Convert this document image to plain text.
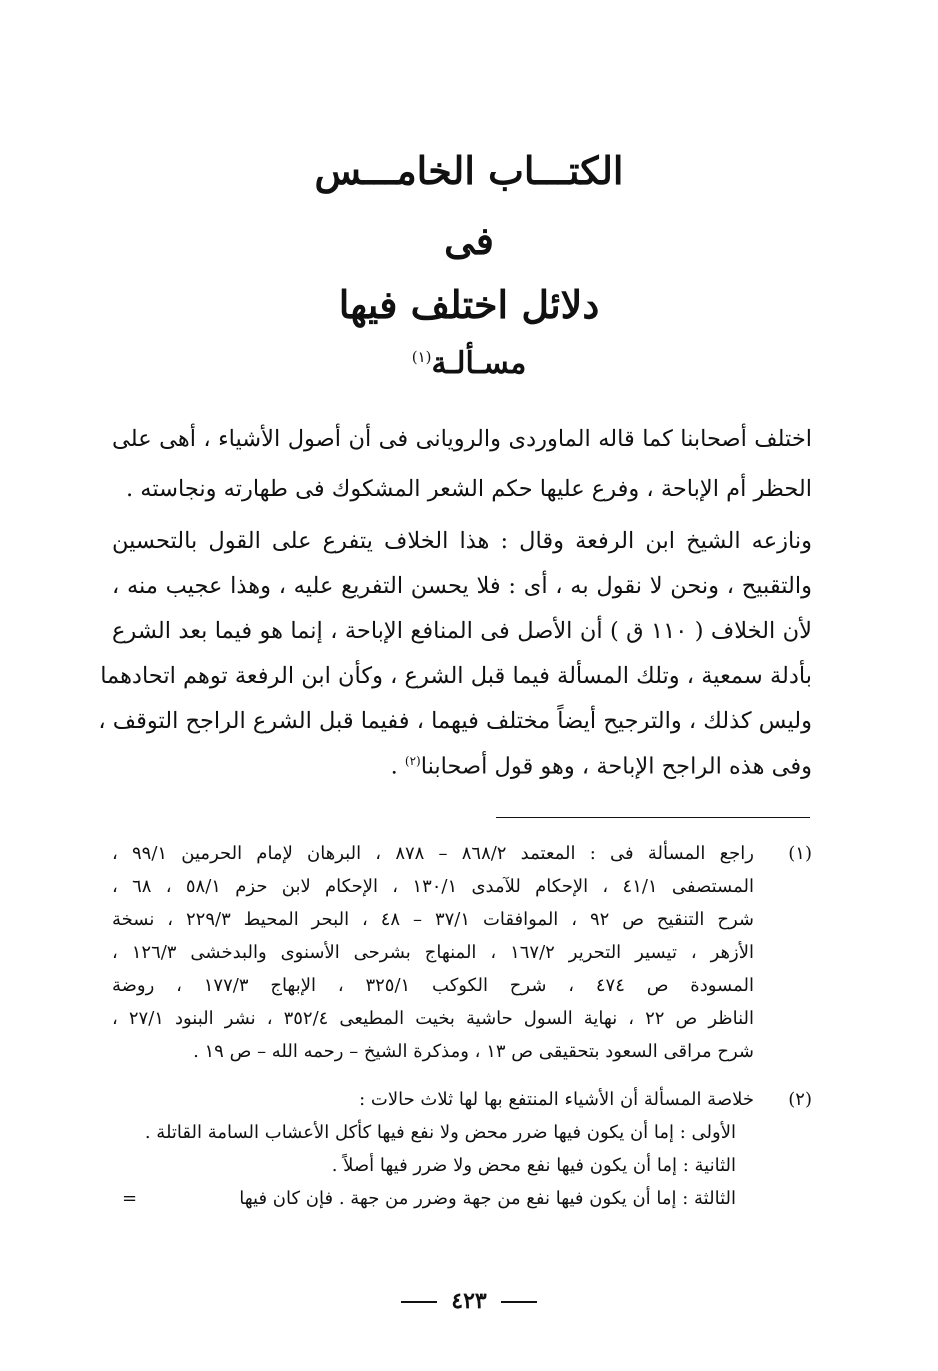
الكتـــاب الخامـــس
فى
دلائل اختلف فيها
مسـألـة$^{(١)}$
اختلف أصحابنا كما قاله الماوردى والرويانى فى أن أصول الأشياء ، أهى على
الحظر أم الإباحة ، وفرع عليها حكم الشعر المشكوك فى طهارته ونجاسته .
ونازعه الشيخ ابن الرفعة وقال : هذا الخلاف يتفرع على القول بالتحسين
والتقبيح ، ونحن لا نقول به ، أى : فلا يحسن التفريع عليه ، وهذا عجيب منه ،
لأن الخلاف ( ١١٠ ق ) أن الأصل فى المنافع الإباحة ، إنما هو فيما بعد الشرع
بأدلة سمعية ، وتلك المسألة فيما قبل الشرع ، وكأن ابن الرفعة توهم اتحادهما
وليس كذلك ، والترجيح أيضاً مختلف فيهما ، ففيما قبل الشرع الراجح التوقف ،
وفى هذه الراجح الإباحة ، وهو قول أصحابنا$^{(٢)}$ .
(١)
راجع المسألة فى : المعتمد ٨٦٨/٢ – ٨٧٨ ، البرهان لإمام الحرمين ٩٩/١ ،
المستصفى ٤١/١ ، الإحكام للآمدى ١٣٠/١ ، الإحكام لابن حزم ٥٨/١ ، ٦٨ ،
شرح التنقيح ص ٩٢ ، الموافقات ٣٧/١ – ٤٨ ، البحر المحيط ٢٢٩/٣ ، نسخة
الأزهر ، تيسير التحرير ١٦٧/٢ ، المنهاج بشرحى الأسنوى والبدخشى ١٢٦/٣ ،
المسودة ص ٤٧٤ ، شرح الكوكب ٣٢٥/١ ، الإبهاج ١٧٧/٣ ، روضة
الناظر ص ٢٢ ، نهاية السول حاشية بخيت المطيعى ٣٥٢/٤ ، نشر البنود ٢٧/١ ،
شرح مراقى السعود بتحقيقى ص ١٣ ، ومذكرة الشيخ – رحمه الله – ص ١٩ .
(٢)
خلاصة المسألة أن الأشياء المنتفع بها لها ثلاث حالات :
الأولى : إما أن يكون فيها ضرر محض ولا نفع فيها كأكل الأعشاب السامة القاتلة .
الثانية : إما أن يكون فيها نفع محض ولا ضرر فيها أصلاً .
الثالثة : إما أن يكون فيها نفع من جهة وضرر من جهة . فإن كان فيها
=
٤٢٣
